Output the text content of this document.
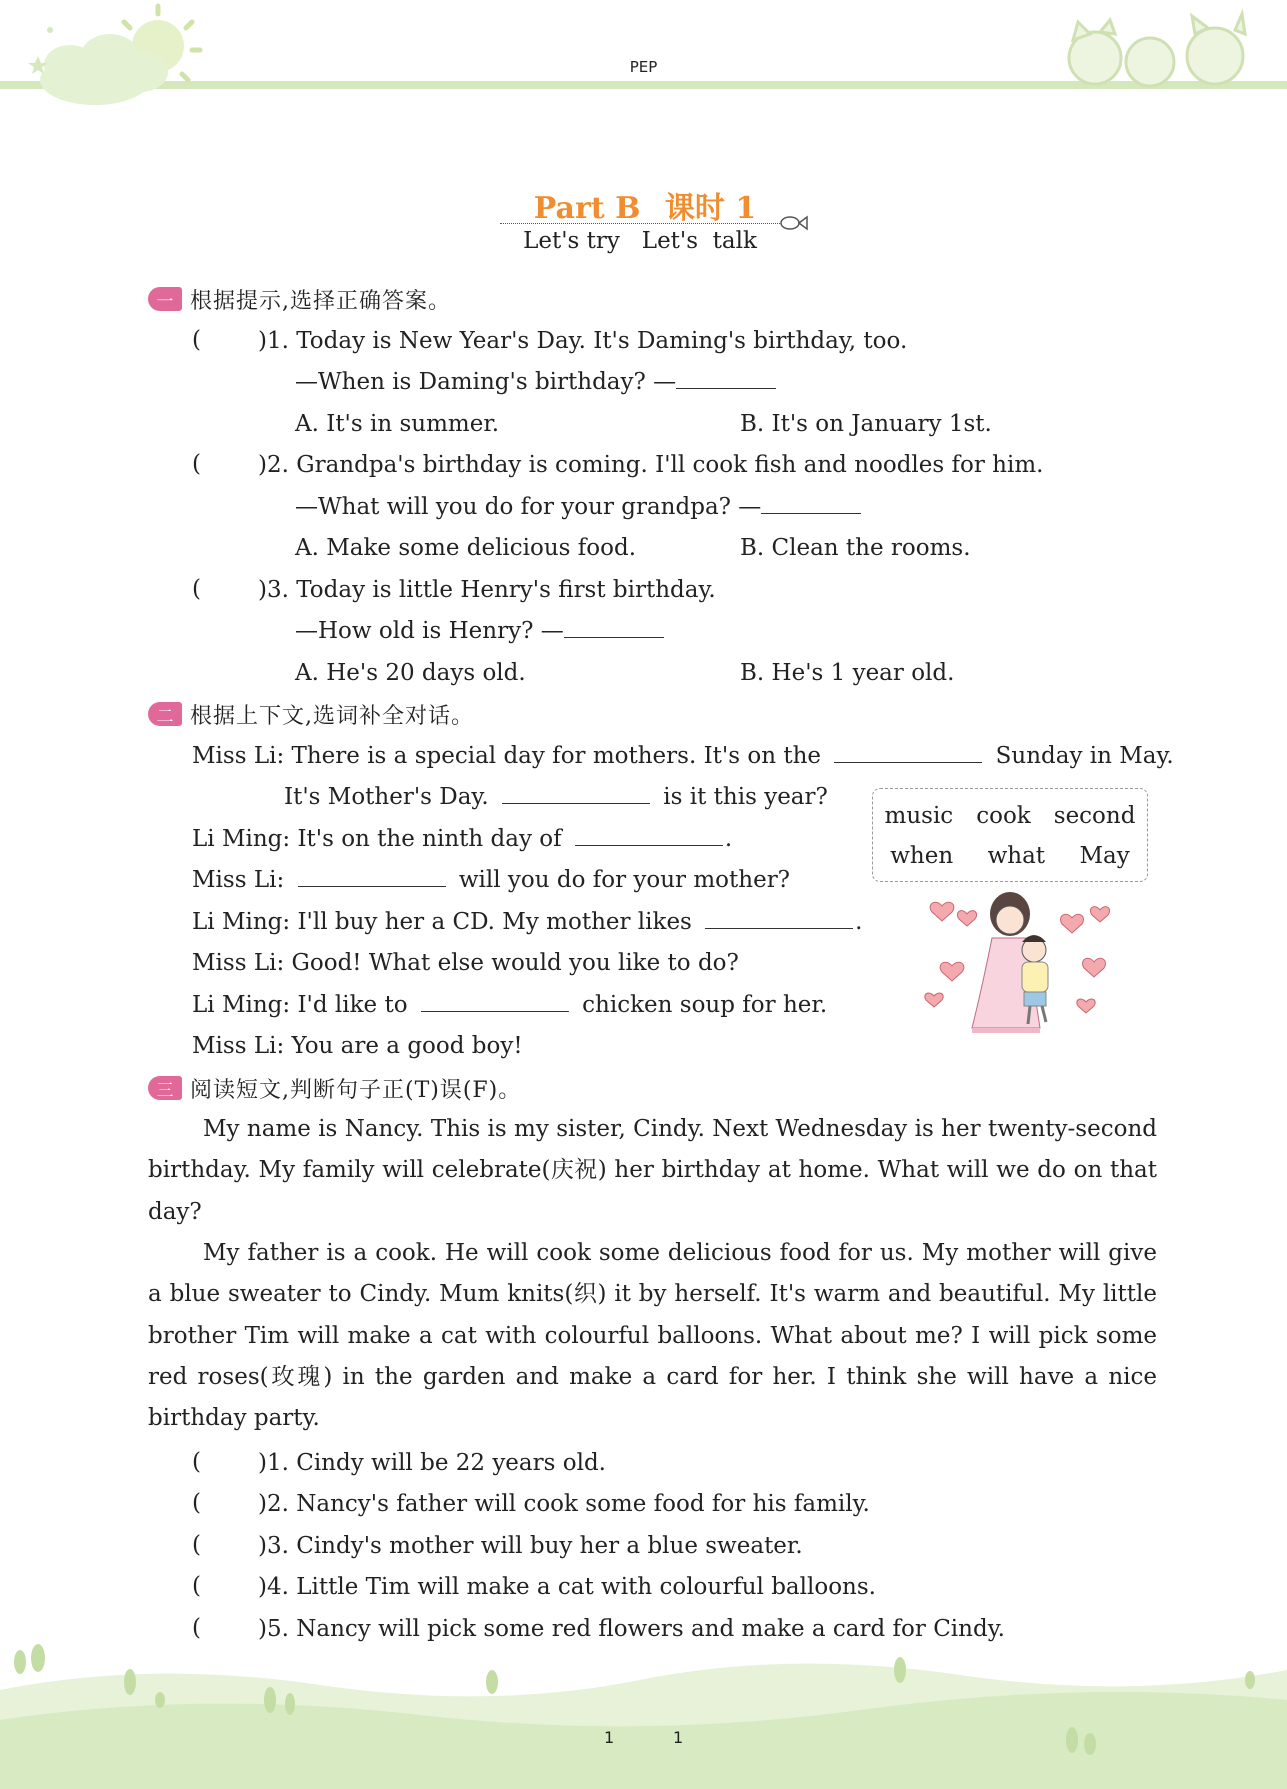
PEP
Part B 课时 1
Let's try   Let's  talk
一 根据提示,选择正确答案。
( )1. Today is New Year's Day. It's Daming's birthday, too.
—When is Daming's birthday? —
A. It's in summer.	B. It's on January 1st.
( )2. Grandpa's birthday is coming. I'll cook fish and noodles for him.
—What will you do for your grandpa? —
A. Make some delicious food.	B. Clean the rooms.
( )3. Today is little Henry's first birthday.
—How old is Henry? —
A. He's 20 days old.	B. He's 1 year old.
二 根据上下文,选词补全对话。
Miss Li: There is a special day for mothers. It's on the	Sunday in May.
It's Mother's Day.	is it this year?
Li Ming: It's on the ninth day of	.
Miss Li:	will you do for your mother?
Li Ming: I'll buy her a CD. My mother likes	.
Miss Li: Good! What else would you like to do?
Li Ming: I'd like to	chicken soup for her.
Miss Li: You are a good boy!
music cook second
when what May
三 阅读短文,判断句子正(T)误(F)。
My name is Nancy. This is my sister, Cindy. Next Wednesday is her twenty-second birthday. My family will celebrate(庆祝) her birthday at home. What will we do on that day?
My father is a cook. He will cook some delicious food for us. My mother will give a blue sweater to Cindy. Mum knits(织) it by herself. It's warm and beautiful. My little brother Tim will make a cat with colourful balloons. What about me? I will pick some red roses(玫瑰) in the garden and make a card for her. I think she will have a nice birthday party.
( )1. Cindy will be 22 years old.
( )2. Nancy's father will cook some food for his family.
( )3. Cindy's mother will buy her a blue sweater.
( )4. Little Tim will make a cat with colourful balloons.
( )5. Nancy will pick some red flowers and make a card for Cindy.
1	1
